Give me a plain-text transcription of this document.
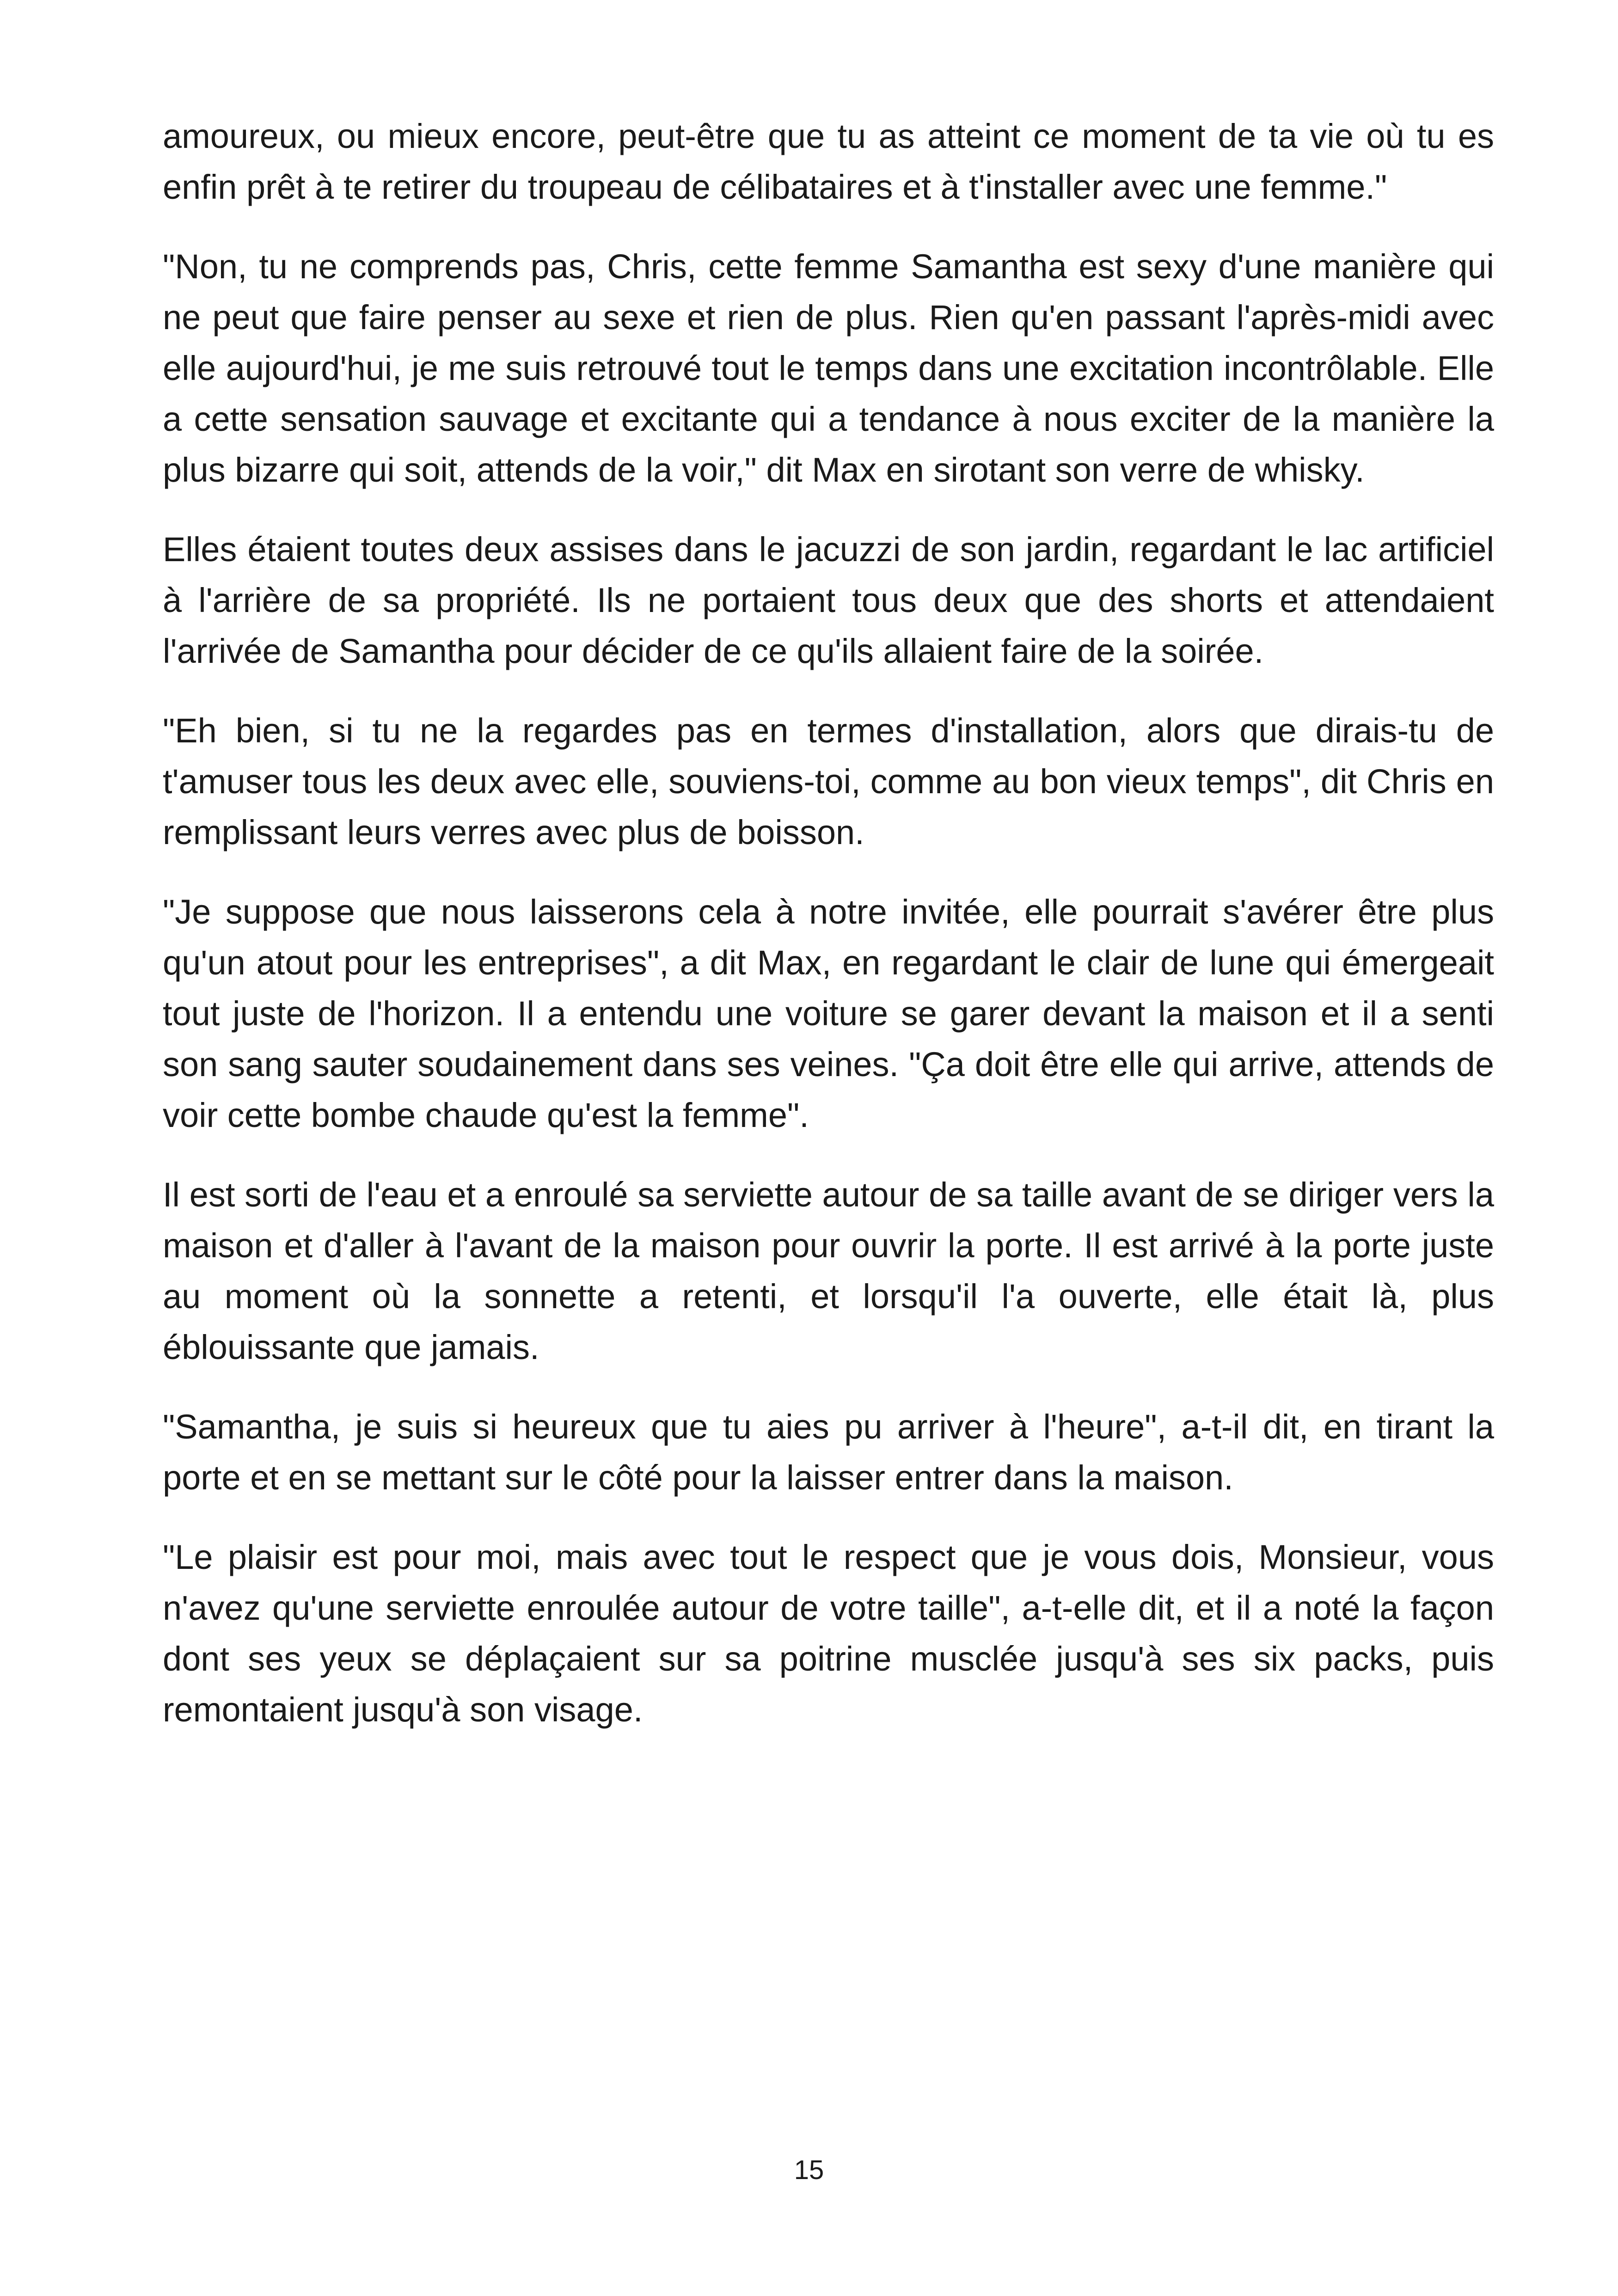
amoureux, ou mieux encore, peut-être que tu as atteint ce moment de ta vie où tu es enfin prêt à te retirer du troupeau de célibataires et à t'installer avec une femme."

"Non, tu ne comprends pas, Chris, cette femme Samantha est sexy d'une manière qui ne peut que faire penser au sexe et rien de plus. Rien qu'en passant l'après-midi avec elle aujourd'hui, je me suis retrouvé tout le temps dans une excitation incontrôlable. Elle a cette sensation sauvage et excitante qui a tendance à nous exciter de la manière la plus bizarre qui soit, attends de la voir," dit Max en sirotant son verre de whisky.

Elles étaient toutes deux assises dans le jacuzzi de son jardin, regardant le lac artificiel à l'arrière de sa propriété. Ils ne portaient tous deux que des shorts et attendaient l'arrivée de Samantha pour décider de ce qu'ils allaient faire de la soirée.

"Eh bien, si tu ne la regardes pas en termes d'installation, alors que dirais-tu de t'amuser tous les deux avec elle, souviens-toi, comme au bon vieux temps", dit Chris en remplissant leurs verres avec plus de boisson.

"Je suppose que nous laisserons cela à notre invitée, elle pourrait s'avérer être plus qu'un atout pour les entreprises", a dit Max, en regardant le clair de lune qui émergeait tout juste de l'horizon. Il a entendu une voiture se garer devant la maison et il a senti son sang sauter soudainement dans ses veines. "Ça doit être elle qui arrive, attends de voir cette bombe chaude qu'est la femme".

Il est sorti de l'eau et a enroulé sa serviette autour de sa taille avant de se diriger vers la maison et d'aller à l'avant de la maison pour ouvrir la porte. Il est arrivé à la porte juste au moment où la sonnette a retenti, et lorsqu'il l'a ouverte, elle était là, plus éblouissante que jamais.

"Samantha, je suis si heureux que tu aies pu arriver à l'heure", a-t-il dit, en tirant la porte et en se mettant sur le côté pour la laisser entrer dans la maison.

"Le plaisir est pour moi, mais avec tout le respect que je vous dois, Monsieur, vous n'avez qu'une serviette enroulée autour de votre taille", a-t-elle dit, et il a noté la façon dont ses yeux se déplaçaient sur sa poitrine musclée jusqu'à ses six packs, puis remontaient jusqu'à son visage.

15
